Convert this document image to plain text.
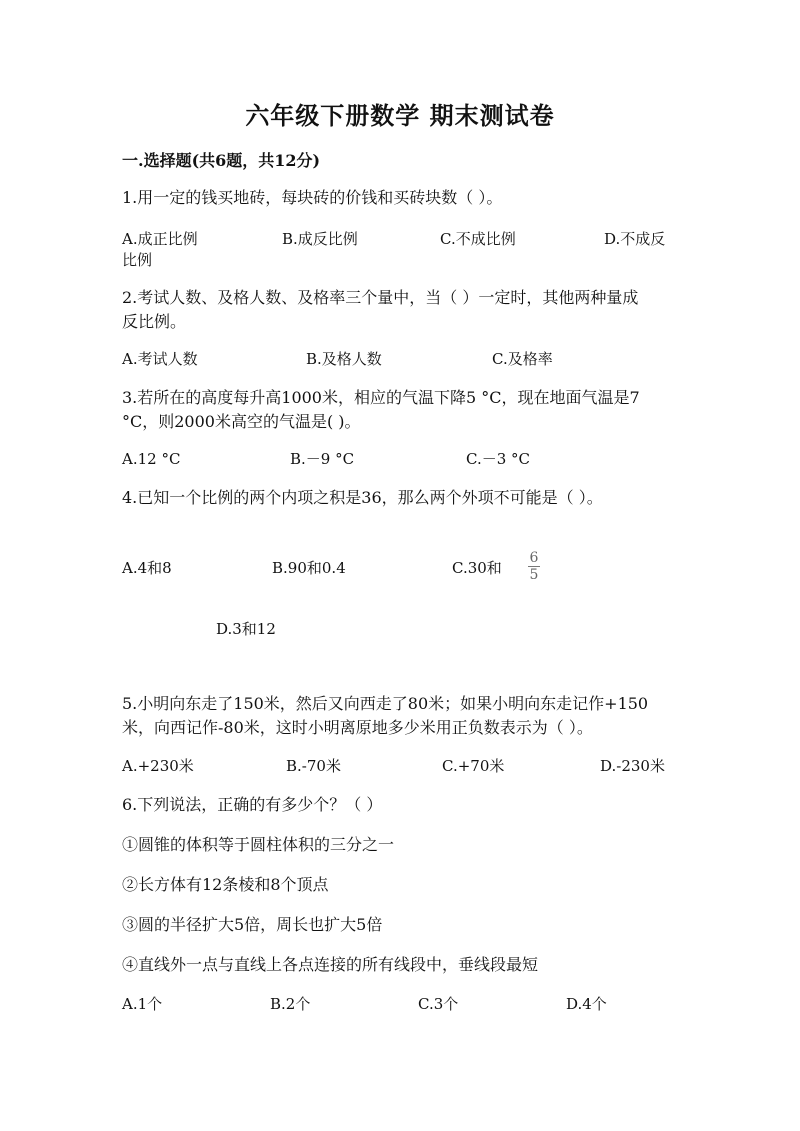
六年级下册数学 期末测试卷
一.选择题(共6题，共12分)
1.用一定的钱买地砖，每块砖的价钱和买砖块数（ ）。
A.成正比例	B.成反比例	C.不成比例	D.不成反
比例
2.考试人数、及格人数、及格率三个量中，当（ ）一定时，其他两种量成
反比例。
A.考试人数	B.及格人数	C.及格率
3.若所在的高度每升高1000米，相应的气温下降5 °C，现在地面气温是7
°C，则2000米高空的气温是( )。
A.12 °C	B.－9 °C	C.－3 °C
4.已知一个比例的两个内项之积是36，那么两个外项不可能是（ ）。
A.4和8	B.90和0.4	C.30和
6
5
D.3和12
5.小明向东走了150米，然后又向西走了80米；如果小明向东走记作+150
米，向西记作-80米，这时小明离原地多少米用正负数表示为（ ）。
A.+230米	B.-70米	C.+70米	D.-230米
6.下列说法，正确的有多少个？（ ）
①圆锥的体积等于圆柱体积的三分之一
②长方体有12条棱和8个顶点
③圆的半径扩大5倍，周长也扩大5倍
④直线外一点与直线上各点连接的所有线段中，垂线段最短
A.1个	B.2个	C.3个	D.4个
